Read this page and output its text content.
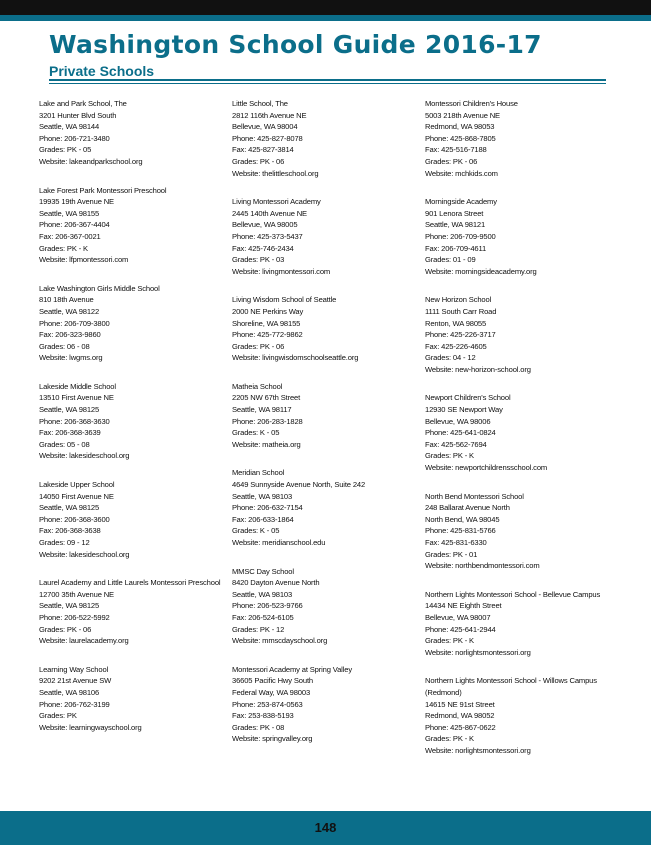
Washington School Guide 2016-17
Private Schools
Lake and Park School, The
3201 Hunter Blvd South
Seattle, WA 98144
Phone: 206-721-3480
Grades: PK - 05
Website: lakeandparkschool.org
Lake Forest Park Montessori Preschool
19935 19th Avenue NE
Seattle, WA 98155
Phone: 206-367-4404
Fax: 206-367-0021
Grades: PK - K
Website: lfpmontessori.com
Lake Washington Girls Middle School
810 18th Avenue
Seattle, WA 98122
Phone: 206-709-3800
Fax: 206-323-9860
Grades: 06 - 08
Website: lwgms.org
Lakeside Middle School
13510 First Avenue NE
Seattle, WA 98125
Phone: 206-368-3630
Fax: 206-368-3639
Grades: 05 - 08
Website: lakesideschool.org
Lakeside Upper School
14050 First Avenue NE
Seattle, WA 98125
Phone: 206-368-3600
Fax: 206-368-3638
Grades: 09 - 12
Website: lakesideschool.org
Laurel Academy and Little Laurels Montessori Preschool
12700 35th Avenue NE
Seattle, WA 98125
Phone: 206-522-5992
Grades: PK - 06
Website: laurelacademy.org
Learning Way School
9202 21st Avenue SW
Seattle, WA 98106
Phone: 206-762-3199
Grades: PK
Website: learningwayschool.org
Little School, The
2812 116th Avenue NE
Bellevue, WA 98004
Phone: 425-827-8078
Fax: 425-827-3814
Grades: PK - 06
Website: thelittleschool.org
Living Montessori Academy
2445 140th Avenue NE
Bellevue, WA 98005
Phone: 425-373-5437
Fax: 425-746-2434
Grades: PK - 03
Website: livingmontessori.com
Living Wisdom School of Seattle
2000 NE Perkins Way
Shoreline, WA 98155
Phone: 425-772-9862
Grades: PK - 06
Website: livingwisdomschoolseattle.org
Matheia School
2205 NW 67th Street
Seattle, WA 98117
Phone: 206-283-1828
Grades: K - 05
Website: matheia.org
Meridian School
4649 Sunnyside Avenue North, Suite 242
Seattle, WA 98103
Phone: 206-632-7154
Fax: 206-633-1864
Grades: K - 05
Website: meridianschool.edu
MMSC Day School
8420 Dayton Avenue North
Seattle, WA 98103
Phone: 206-523-9766
Fax: 206-524-6105
Grades: PK - 12
Website: mmscdayschool.org
Montessori Academy at Spring Valley
36605 Pacific Hwy South
Federal Way, WA 98003
Phone: 253-874-0563
Fax: 253-838-5193
Grades: PK - 08
Website: springvalley.org
Montessori Children's House
5003 218th Avenue NE
Redmond, WA 98053
Phone: 425-868-7805
Fax: 425-516-7188
Grades: PK - 06
Website: mchkids.com
Morningside Academy
901 Lenora Street
Seattle, WA 98121
Phone: 206-709-9500
Fax: 206-709-4611
Grades: 01 - 09
Website: morningsideacademy.org
New Horizon School
1111 South Carr Road
Renton, WA 98055
Phone: 425-226-3717
Fax: 425-226-4605
Grades: 04 - 12
Website: new-horizon-school.org
Newport Children's School
12930 SE Newport Way
Bellevue, WA 98006
Phone: 425-641-0824
Fax: 425-562-7694
Grades: PK - K
Website: newportchildrensschool.com
North Bend Montessori School
248 Ballarat Avenue North
North Bend, WA 98045
Phone: 425-831-5766
Fax: 425-831-6330
Grades: PK - 01
Website: northbendmontessori.com
Northern Lights Montessori School - Bellevue Campus
14434 NE Eighth Street
Bellevue, WA 98007
Phone: 425-641-2944
Grades: PK - K
Website: norlightsmontessori.org
Northern Lights Montessori School - Willows Campus
(Redmond)
14615 NE 91st Street
Redmond, WA 98052
Phone: 425-867-0622
Grades: PK - K
Website: norlightsmontessori.org
148
